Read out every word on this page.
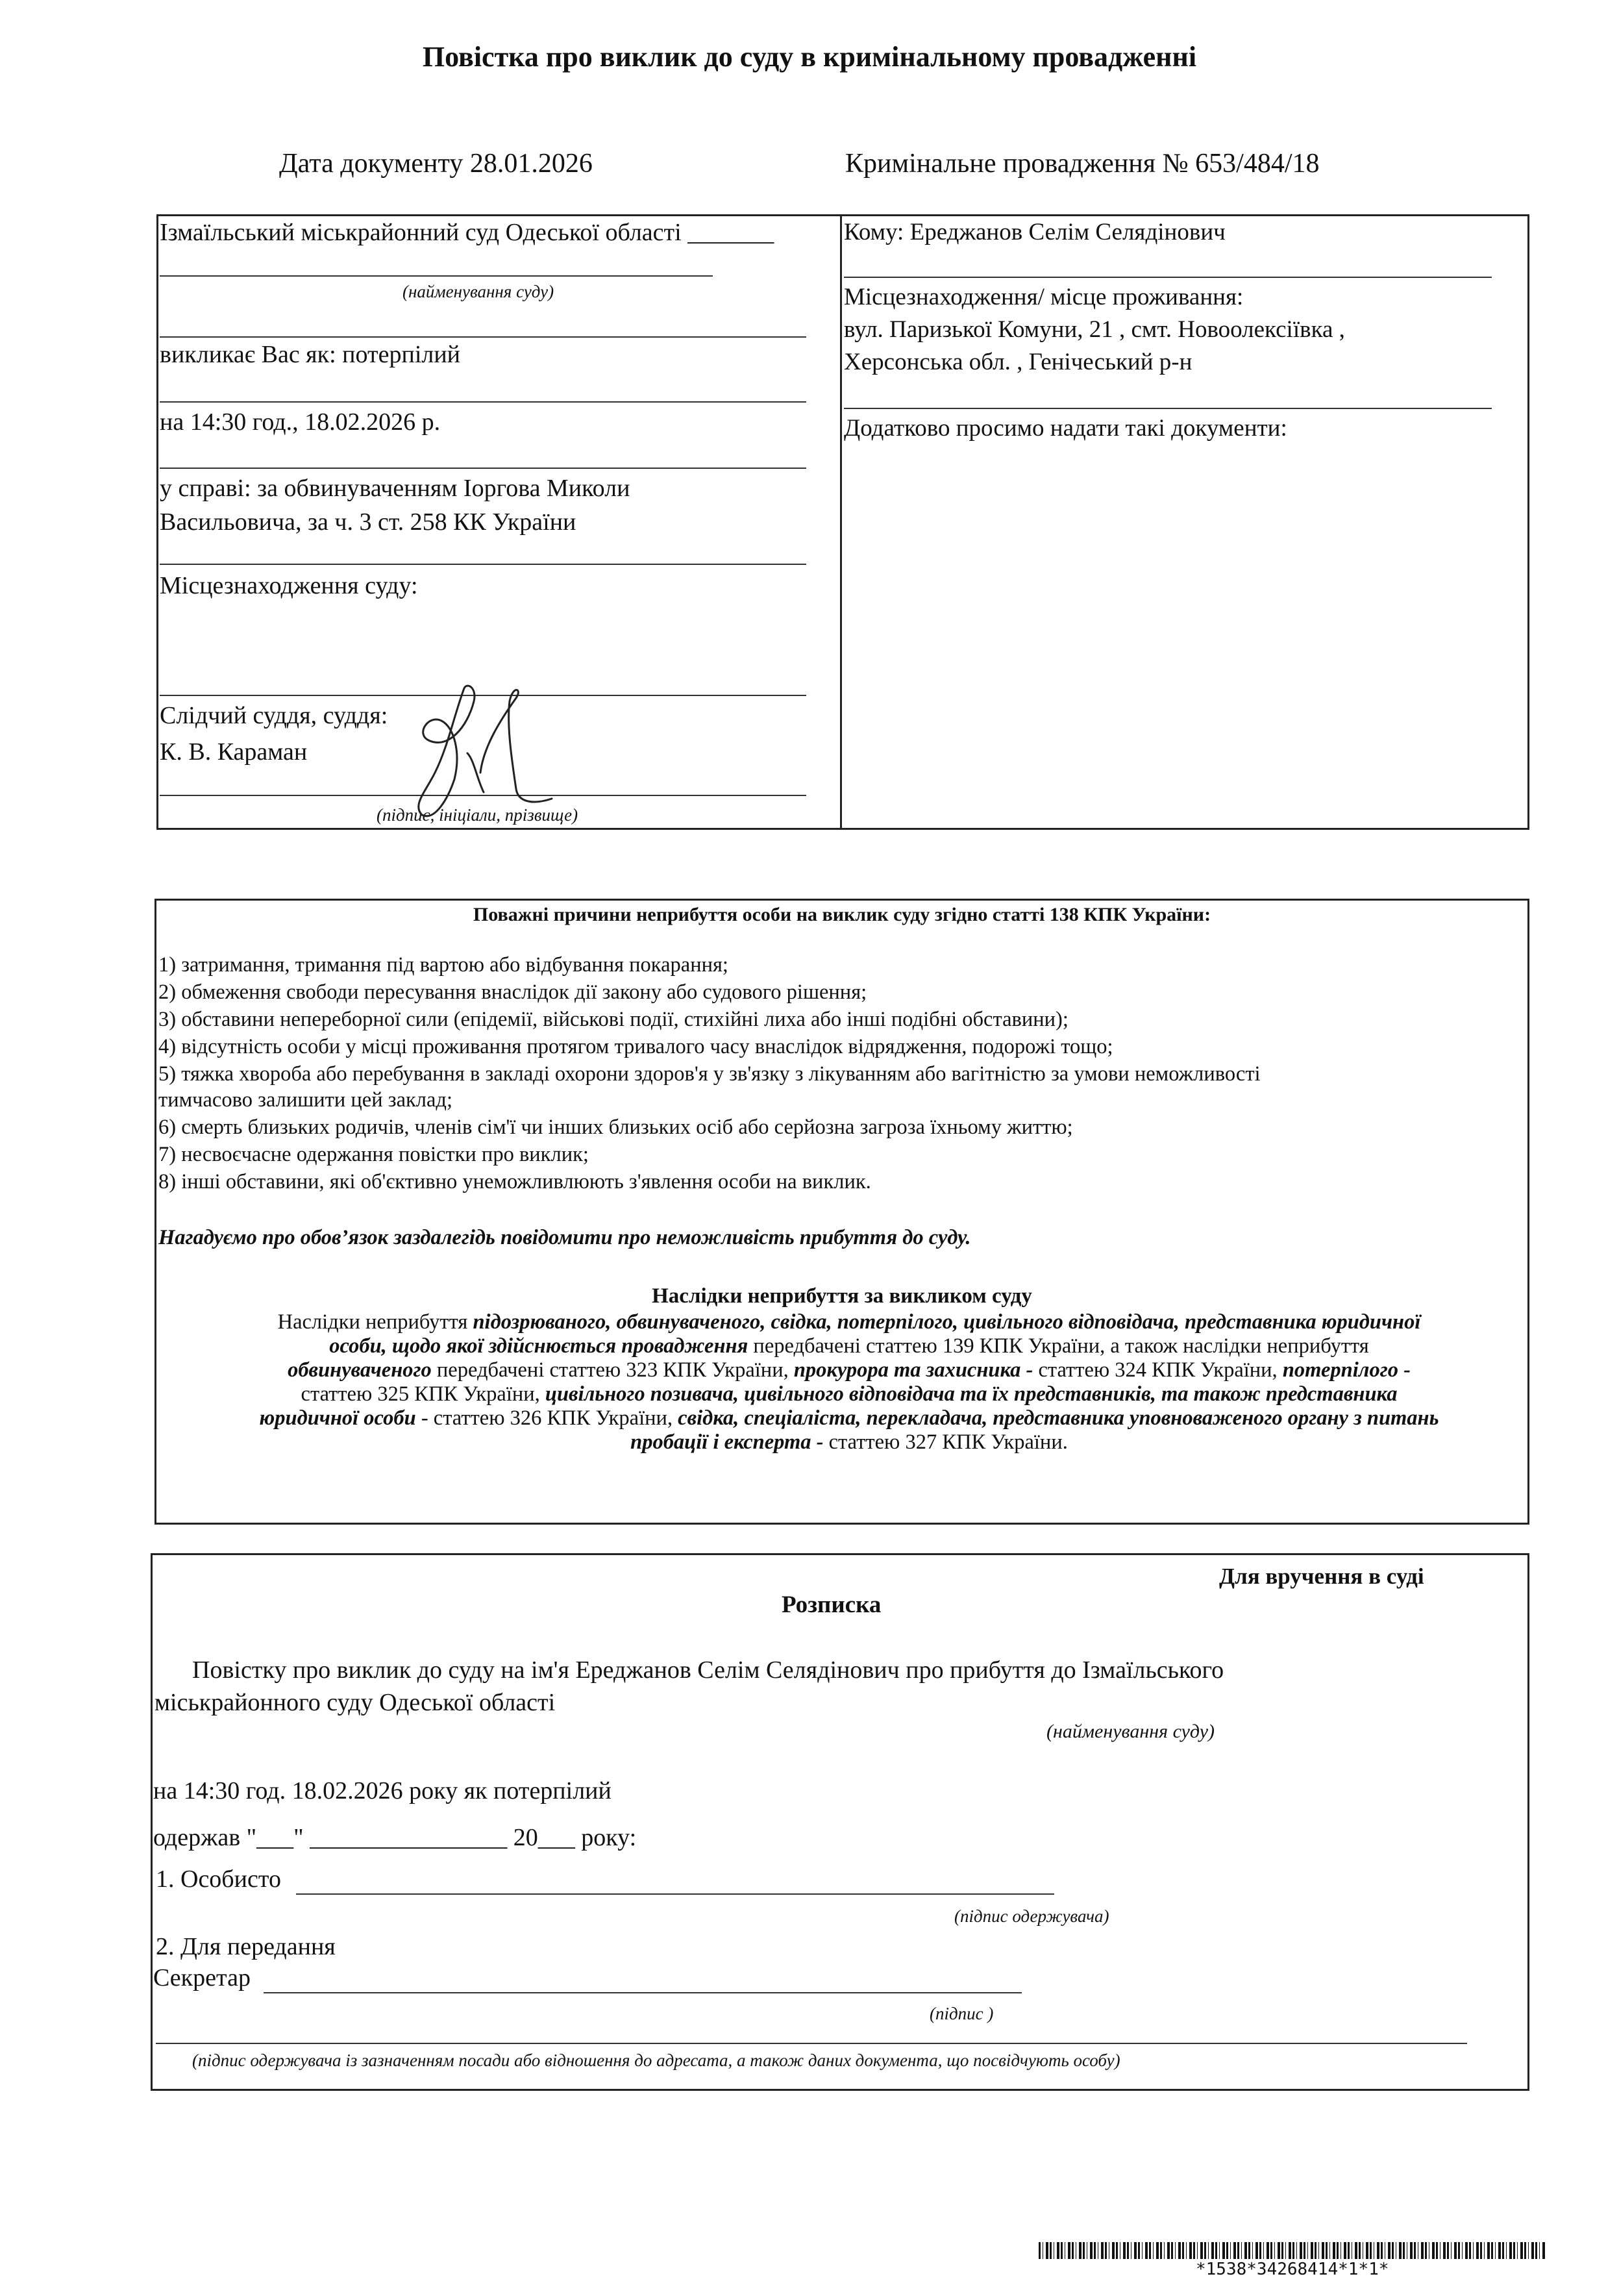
Повістка про виклик до суду в кримінальному провадженні
Дата документу 28.01.2026	Кримінальне провадження № 653/484/18
Ізмаїльський міськрайонний суд Одеської області _______
(найменування суду)
викликає Вас як: потерпілий
на 14:30 год., 18.02.2026 р.
у справі: за обвинуваченням Іоргова Миколи
Васильовича, за ч. 3 ст. 258 КК України
Місцезнаходження суду:
Слідчий суддя, суддя:
К. В. Караман
(підпис, ініціали, прізвище)
Кому: Ереджанов Селім Селядінович
Місцезнаходження/ місце проживання:
вул. Паризької Комуни, 21 , смт. Новоолексіївка ,
Херсонська обл. , Генічеський р-н
Додатково просимо надати такі документи:
Поважні причини неприбуття особи на виклик суду згідно статті 138 КПК України:
1) затримання, тримання під вартою або відбування покарання;
2) обмеження свободи пересування внаслідок дії закону або судового рішення;
3) обставини непереборної сили (епідемії, військові події, стихійні лиха або інші подібні обставини);
4) відсутність особи у місці проживання протягом тривалого часу внаслідок відрядження, подорожі тощо;
5) тяжка хвороба або перебування в закладі охорони здоров'я у зв'язку з лікуванням або вагітністю за умови неможливості
тимчасово залишити цей заклад;
6) смерть близьких родичів, членів сім'ї чи інших близьких осіб або серйозна загроза їхньому життю;
7) несвоєчасне одержання повістки про виклик;
8) інші обставини, які об'єктивно унеможливлюють з'явлення особи на виклик.
Нагадуємо про обов’язок заздалегідь повідомити про неможливість прибуття до суду.
Наслідки неприбуття за викликом суду
Наслідки неприбуття підозрюваного, обвинуваченого, свідка, потерпілого, цивільного відповідача, представника юридичної
особи, щодо якої здійснюється провадження передбачені статтею 139 КПК України, а також наслідки неприбуття
обвинуваченого передбачені статтею 323 КПК України, прокурора та захисника - статтею 324 КПК України, потерпілого -
статтею 325 КПК України, цивільного позивача, цивільного відповідача та їх представників, та також представника
юридичної особи - статтею 326 КПК України, свідка, спеціаліста, перекладача, представника уповноваженого органу з питань
пробації і експерта - статтею 327 КПК України.
Для вручення в суді
Розписка
Повістку про виклик до суду на ім'я Ереджанов Селім Селядінович про прибуття до Ізмаїльського
міськрайонного суду Одеської області
(найменування суду)
на 14:30 год. 18.02.2026 року як потерпілий
одержав "___" ________________ 20___ року:
1. Особисто
(підпис одержувача)
2. Для передання
Секретар
(підпис )
(підпис одержувача із зазначенням посади або відношення до адресата, а також даних документа, що посвідчують особу)
*1538*34268414*1*1*
